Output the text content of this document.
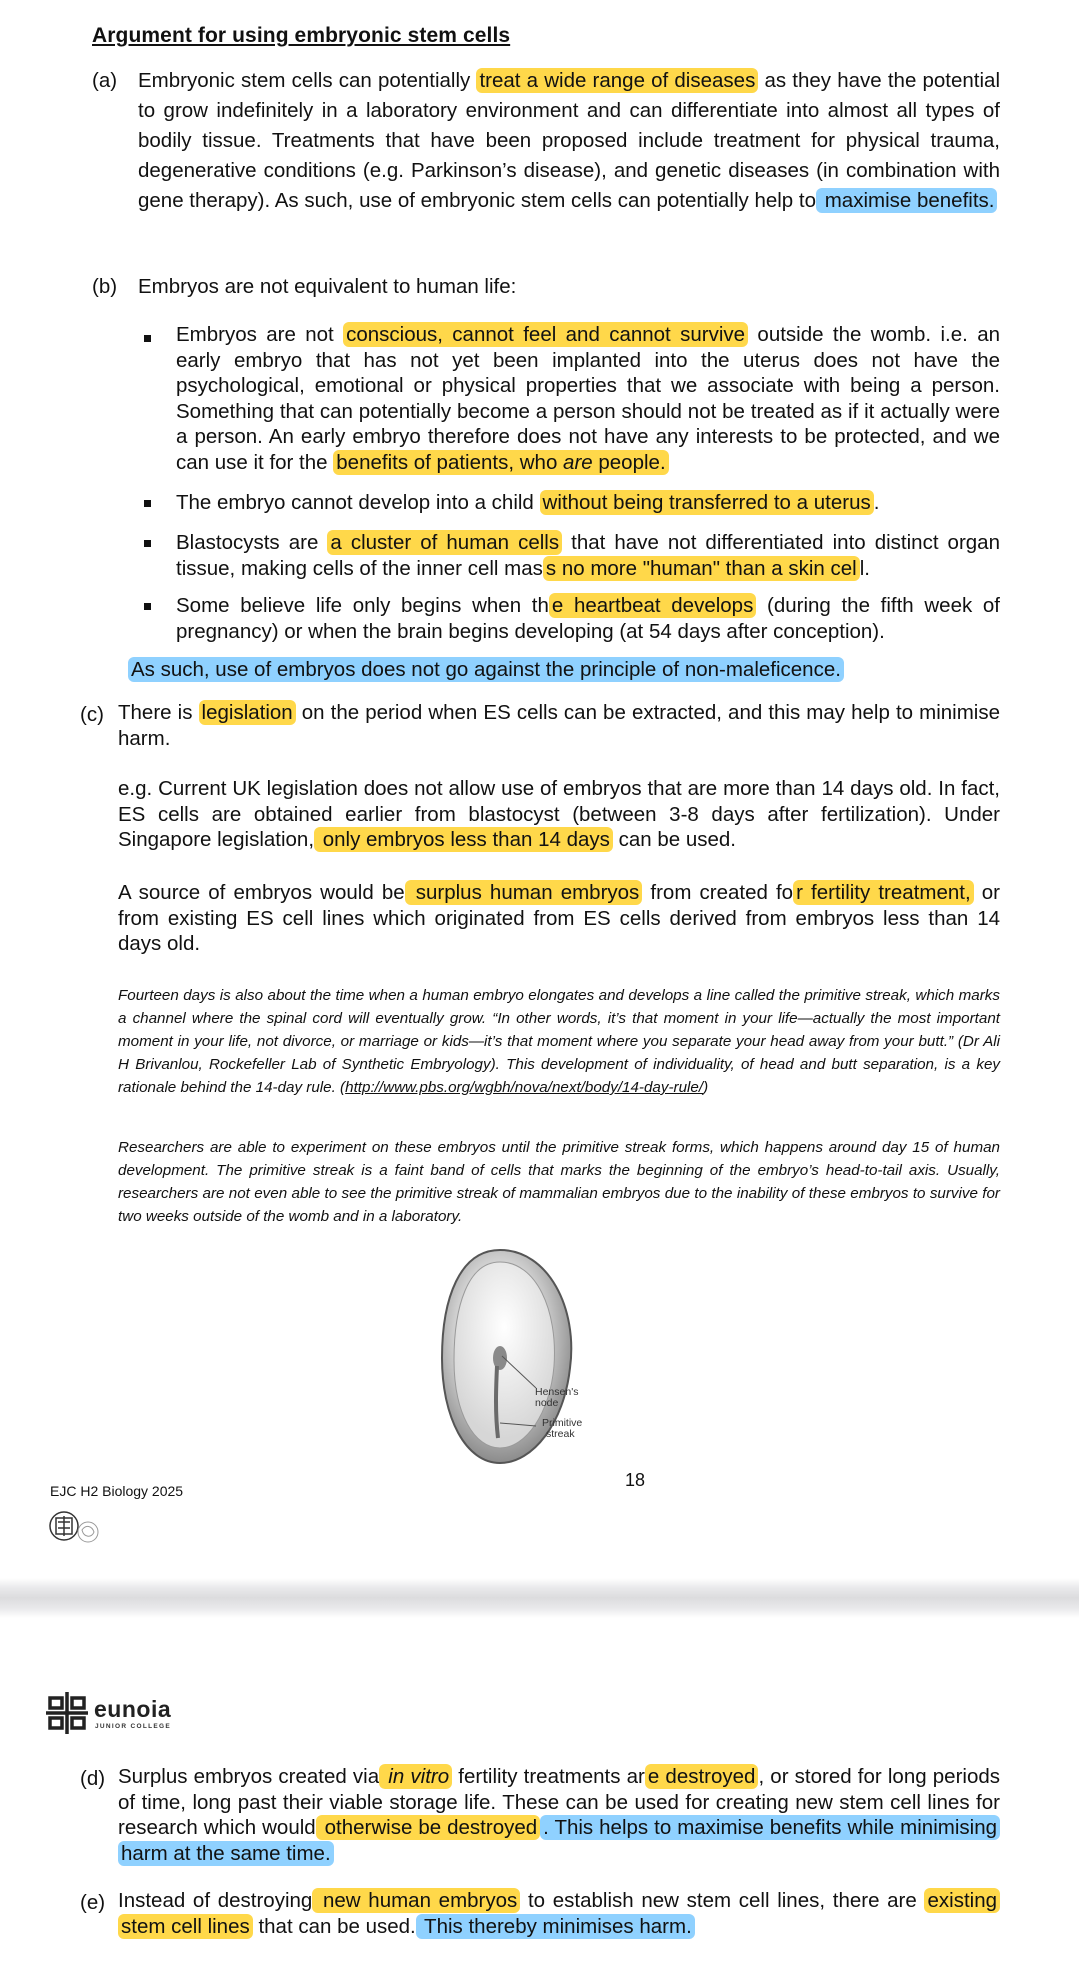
Argument for using embryonic stem cells
(a) Embryonic stem cells can potentially treat a wide range of diseases as they have the potential to grow indefinitely in a laboratory environment and can differentiate into almost all types of bodily tissue. Treatments that have been proposed include treatment for physical trauma, degenerative conditions (e.g. Parkinson’s disease), and genetic diseases (in combination with gene therapy). As such, use of embryonic stem cells can potentially help to maximise benefits.
(b) Embryos are not equivalent to human life:
Embryos are not conscious, cannot feel and cannot survive outside the womb. i.e. an early embryo that has not yet been implanted into the uterus does not have the psychological, emotional or physical properties that we associate with being a person. Something that can potentially become a person should not be treated as if it actually were a person. An early embryo therefore does not have any interests to be protected, and we can use it for the benefits of patients, who are people.
The embryo cannot develop into a child without being transferred to a uterus .
Blastocysts are a cluster of human cells that have not differentiated into distinct organ tissue, making cells of the inner cell mas s no more "human" than a skin cel l.
Some believe life only begins when th e heartbeat develops (during the fifth week of pregnancy) or when the brain begins developing (at 54 days after conception).
As such, use of embryos does not go against the principle of non-maleficence.
(c) There is legislation on the period when ES cells can be extracted, and this may help to minimise harm.
e.g. Current UK legislation does not allow use of embryos that are more than 14 days old. In fact, ES cells are obtained earlier from blastocyst (between 3-8 days after fertilization). Under Singapore legislation, only embryos less than 14 days can be used.
A source of embryos would be surplus human embryos from created fo r fertility treatment, or from existing ES cell lines which originated from ES cells derived from embryos less than 14 days old.
Fourteen days is also about the time when a human embryo elongates and develops a line called the primitive streak, which marks a channel where the spinal cord will eventually grow. “In other words, it’s that moment in your life—actually the most important moment in your life, not divorce, or marriage or kids—it’s that moment where you separate your head away from your butt.” (Dr Ali H Brivanlou, Rockefeller Lab of Synthetic Embryology). This development of individuality, of head and butt separation, is a key rationale behind the 14-day rule. (http://www.pbs.org/wgbh/nova/next/body/14-day-rule/)
Researchers are able to experiment on these embryos until the primitive streak forms, which happens around day 15 of human development. The primitive streak is a faint band of cells that marks the beginning of the embryo’s head-to-tail axis. Usually, researchers are not even able to see the primitive streak of mammalian embryos due to the inability of these embryos to survive for two weeks outside of the womb and in a laboratory.
Hensen's
node
Primitive
streak
18
EJC H2 Biology 2025
eunoia
JUNIOR COLLEGE
(d) Surplus embryos created via in vitro fertility treatments ar e destroyed , or stored for long periods of time, long past their viable storage life. These can be used for creating new stem cell lines for research which would otherwise be destroyed . This helps to maximise benefits while minimising harm at the same time.
(e) Instead of destroying new human embryos to establish new stem cell lines, there are existing stem cell lines that can be used. This thereby minimises harm.
